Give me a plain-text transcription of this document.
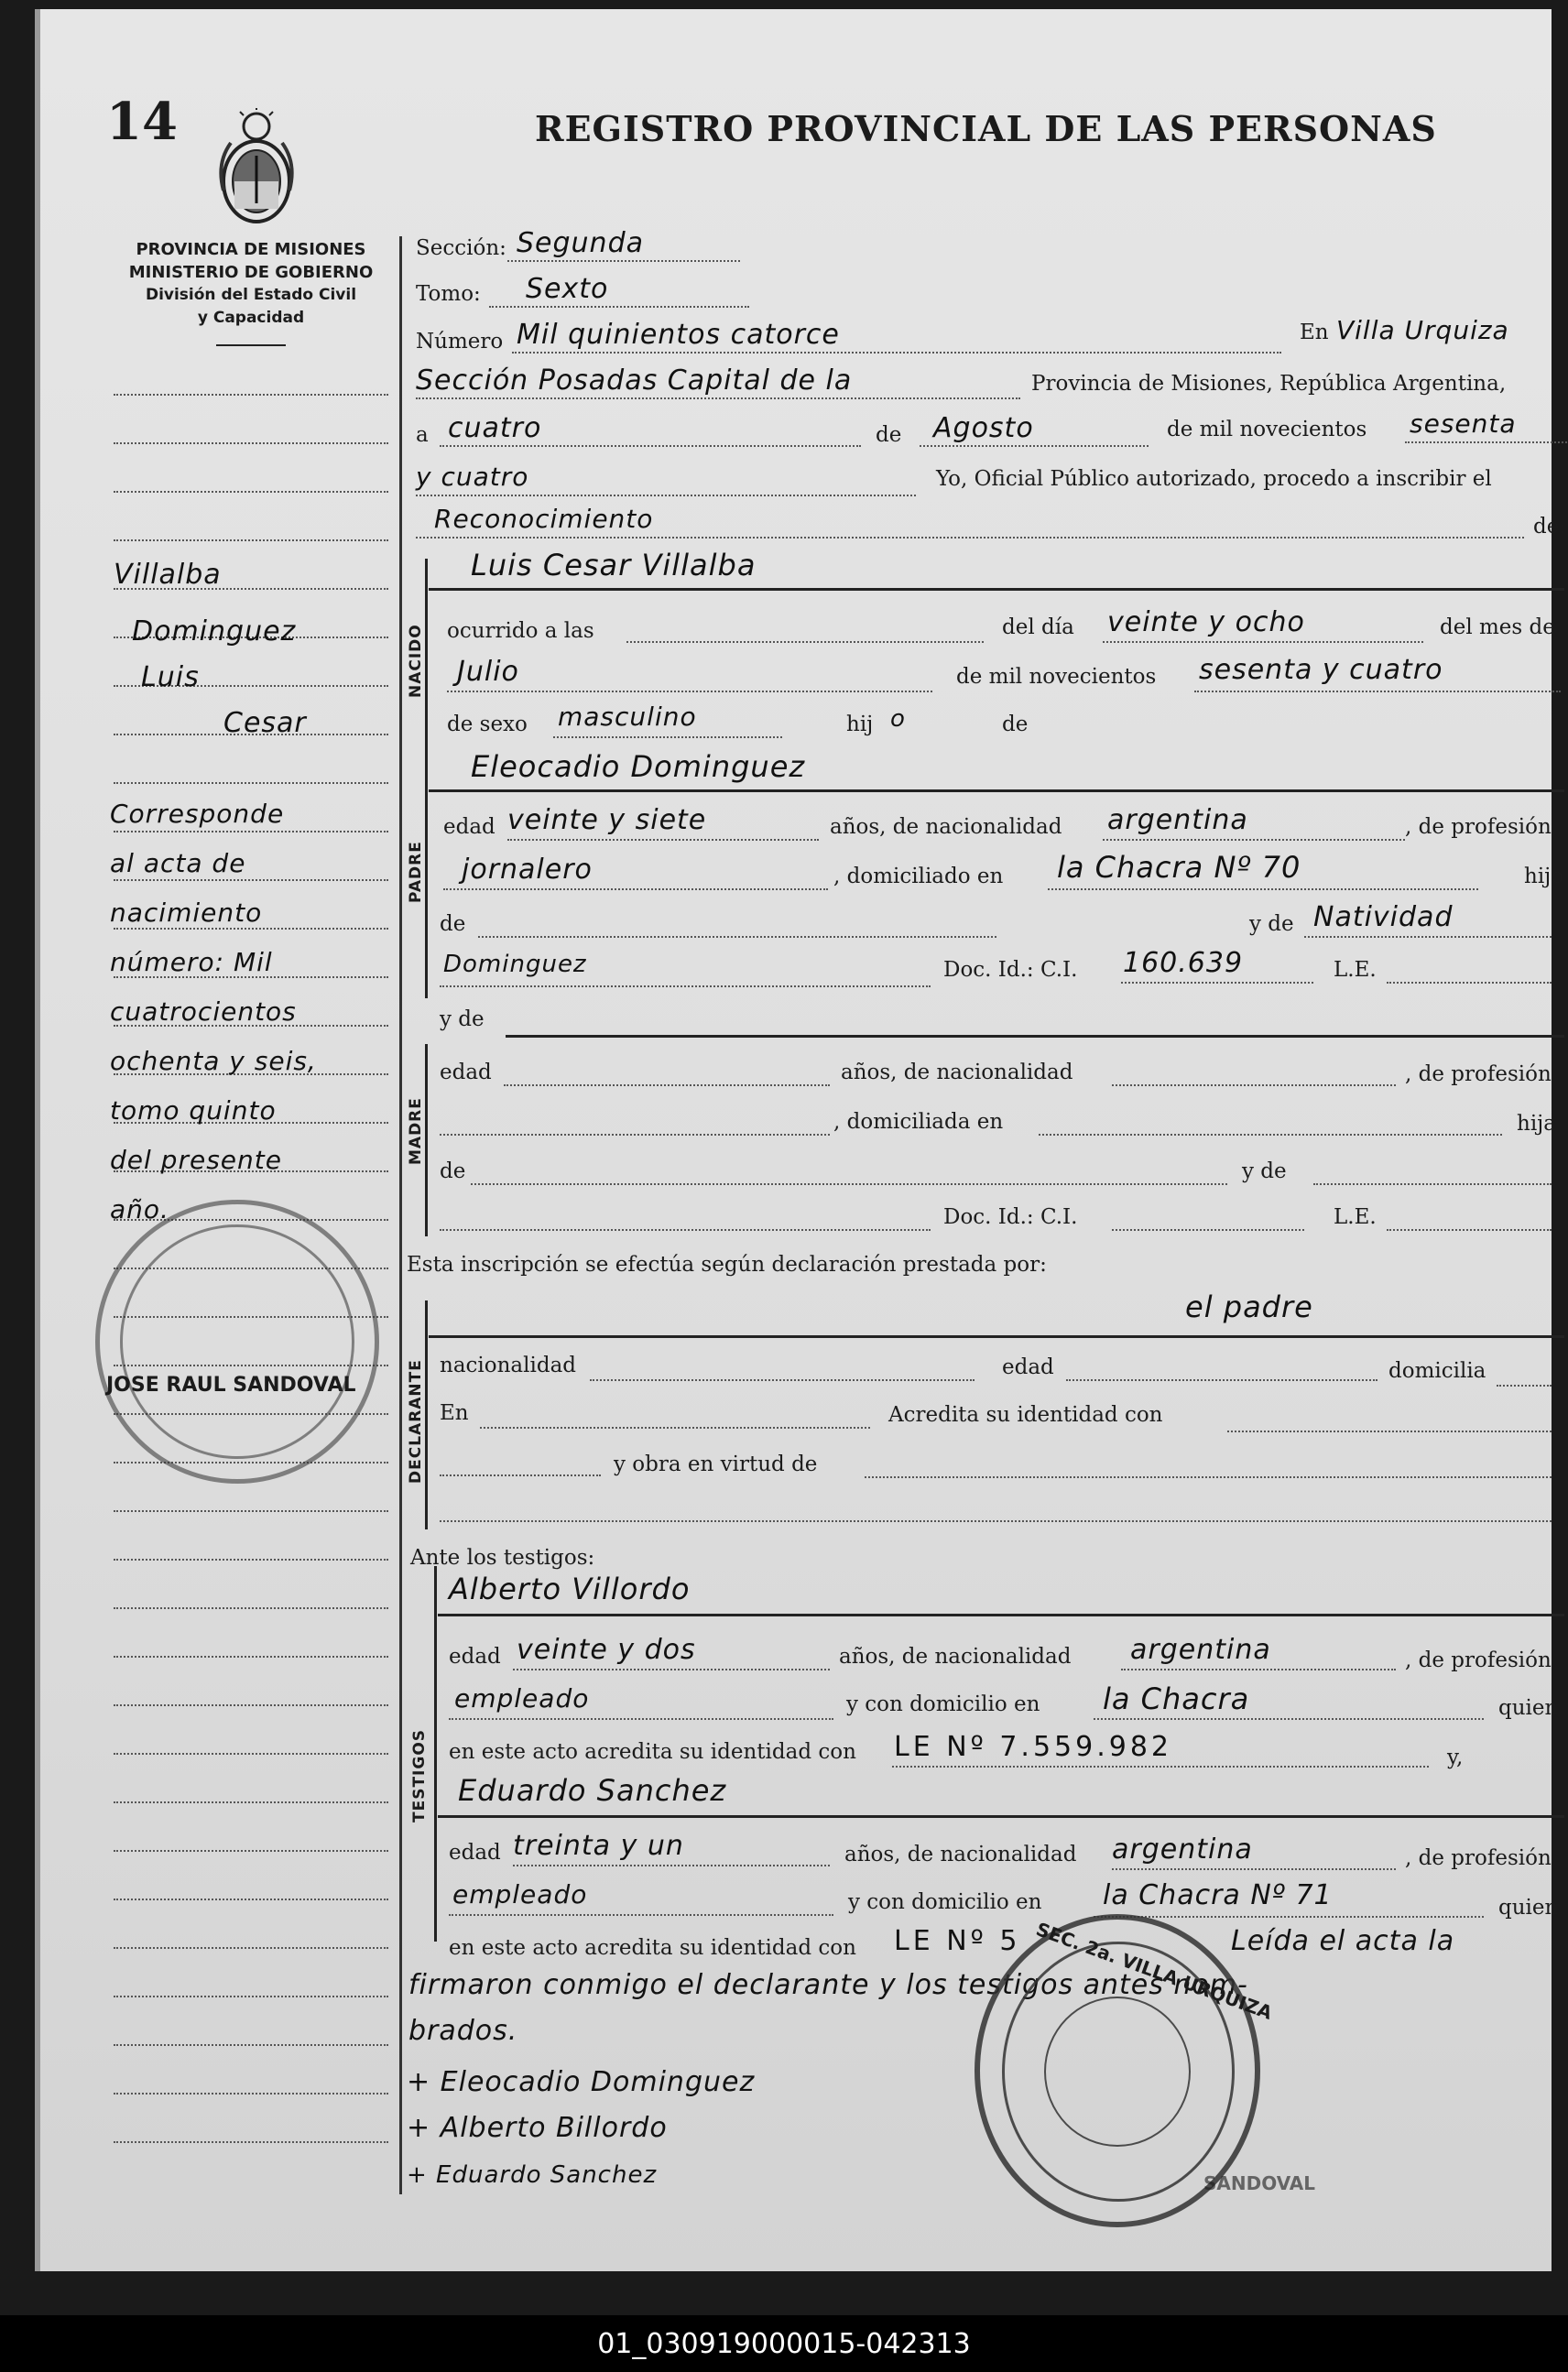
14	REGISTRO PROVINCIAL DE LAS PERSONAS
PROVINCIA DE MISIONES
MINISTERIO DE GOBIERNO
División del Estado Civil
y Capacidad
Villalba
Dominguez
Luis
Cesar
Corresponde
al acta de
nacimiento
número: Mil
cuatrocientos
ochenta y seis,
tomo quinto
del presente
año.
JOSE RAUL SANDOVAL
Sección: Segunda
Tomo: Sexto
Número Mil quinientos catorce	En Villa Urquiza
Sección Posadas Capital de la	Provincia de Misiones, República Argentina,
a cuatro	de Agosto	de mil novecientos sesenta
y cuatro	Yo, Oficial Público autorizado, procedo a inscribir el
Reconocimiento	de:
NACIDO
Luis Cesar Villalba
ocurrido a las	del día veinte y ocho	del mes de
Julio	de mil novecientos sesenta y cuatro
de sexo masculino	hij o	de
PADRE
Eleocadio Dominguez
edad veinte y siete	años, de nacionalidad argentina	, de profesión
jornalero	, domiciliado en la Chacra Nº 70	hijo
de	y de Natividad
Dominguez	Doc. Id.: C.I. 160.639	L.E.
y de
MADRE
edad	años, de nacionalidad	, de profesión
, domiciliada en	hija
de	y de
Doc. Id.: C.I.	L.E.
Esta inscripción se efectúa según declaración prestada por:
el padre
DECLARANTE nacionalidad	edad	domicilia
En	Acredita su identidad con
y obra en virtud de
Ante los testigos:
TESTIGOS
Alberto Villordo
edad veinte y dos	años, de nacionalidad argentina	, de profesión
empleado	y con domicilio en la Chacra	quien
en este acto acredita su identidad con LE Nº 7.559.982	y,
Eduardo Sanchez
edad treinta y un	años, de nacionalidad argentina	, de profesión
empleado	y con domicilio en la Chacra Nº 71	quien
en este acto acredita su identidad con LE Nº 5	Leída el acta la
firmaron conmigo el declarante y los testigos antes nom-
brados.
+ Eleocadio Dominguez
+ Alberto Billordo
+ Eduardo Sanchez
SEC. 2a. VILLA URQUIZA
SANDOVAL
01_030919000015-042313
